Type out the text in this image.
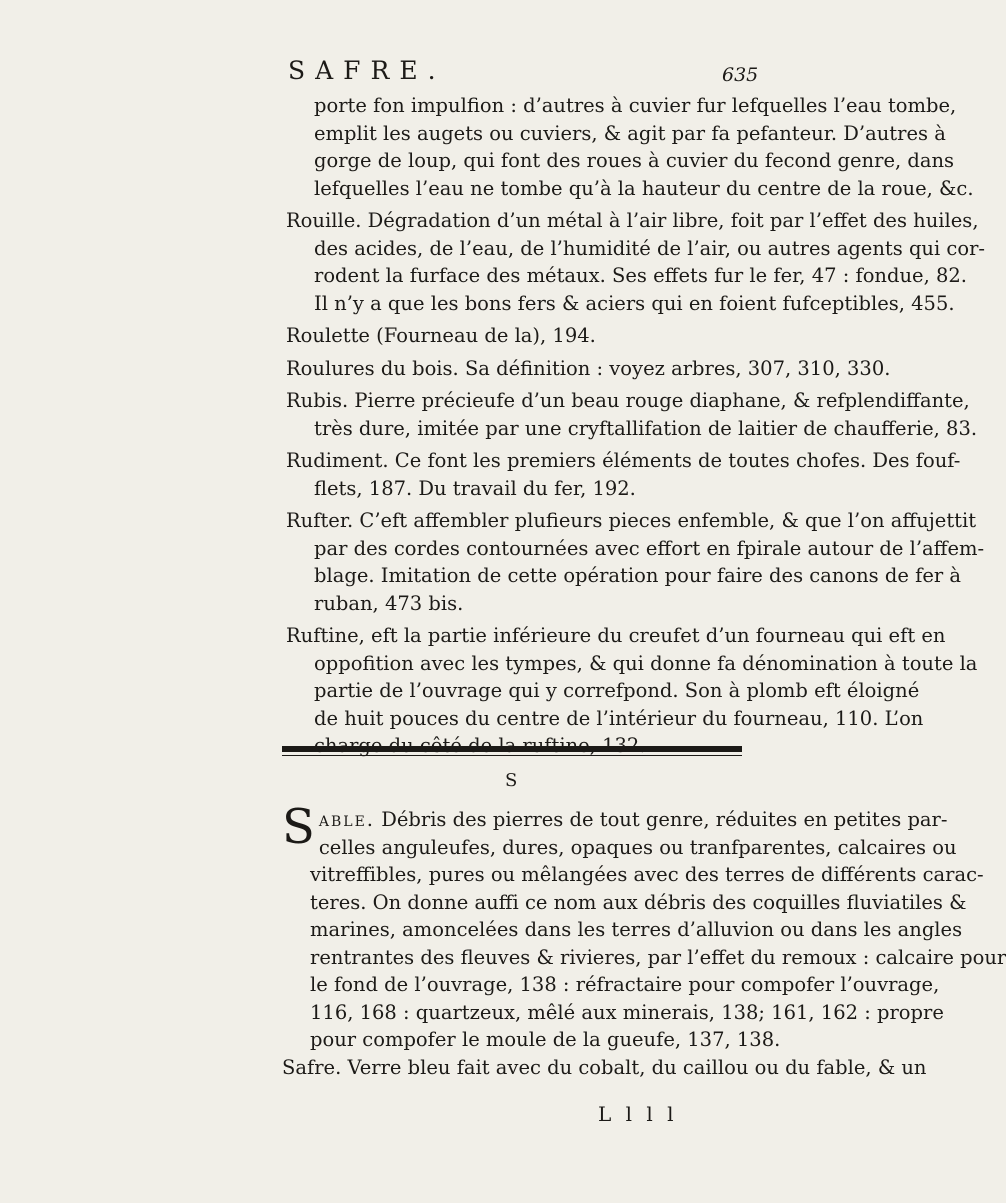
SAFRE.	635
porte fon impulfion : d’autres à cuvier fur lefquelles l’eau tombe,
emplit les augets ou cuviers, & agit par fa pefanteur. D’autres à
gorge de loup, qui font des roues à cuvier du fecond genre, dans
lefquelles l’eau ne tombe qu’à la hauteur du centre de la roue, &c.
Rouille. Dégradation d’un métal à l’air libre, foit par l’effet des huiles,
des acides, de l’eau, de l’humidité de l’air, ou autres agents qui cor-
rodent la furface des métaux. Ses effets fur le fer, 47 : fondue, 82.
Il n’y a que les bons fers & aciers qui en foient fufceptibles, 455.
Roulette (Fourneau de la), 194.
Roulures du bois. Sa définition : voyez arbres, 307, 310, 330.
Rubis. Pierre précieufe d’un beau rouge diaphane, & refplendiffante,
très dure, imitée par une cryftallifation de laitier de chaufferie, 83.
Rudiment. Ce font les premiers éléments de toutes chofes. Des fouf-
flets, 187. Du travail du fer, 192.
Rufter. C’eft affembler plufieurs pieces enfemble, & que l’on affujettit
par des cordes contournées avec effort en fpirale autour de l’affem-
blage. Imitation de cette opération pour faire des canons de fer à
ruban, 473 bis.
Ruftine, eft la partie inférieure du creufet d’un fourneau qui eft en
oppofition avec les tympes, & qui donne fa dénomination à toute la
partie de l’ouvrage qui y correfpond. Son à plomb eft éloigné
de huit pouces du centre de l’intérieur du fourneau, 110. L’on
S
S able. Débris des pierres de tout genre, réduites en petites par-
celles anguleufes, dures, opaques ou tranfparentes, calcaires ou
vitreffibles, pures ou mêlangées avec des terres de différents carac-
teres. On donne auffi ce nom aux débris des coquilles fluviatiles &
marines, amoncelées dans les terres d’alluvion ou dans les angles
rentrantes des fleuves & rivieres, par l’effet du remoux : calcaire pour
le fond de l’ouvrage, 138 : réfractaire pour compofer l’ouvrage,
116, 168 : quartzeux, mêlé aux minerais, 138; 161, 162 : propre
pour compofer le moule de la gueufe, 137, 138.
Safre. Verre bleu fait avec du cobalt, du caillou ou du fable, & un
L l l l
